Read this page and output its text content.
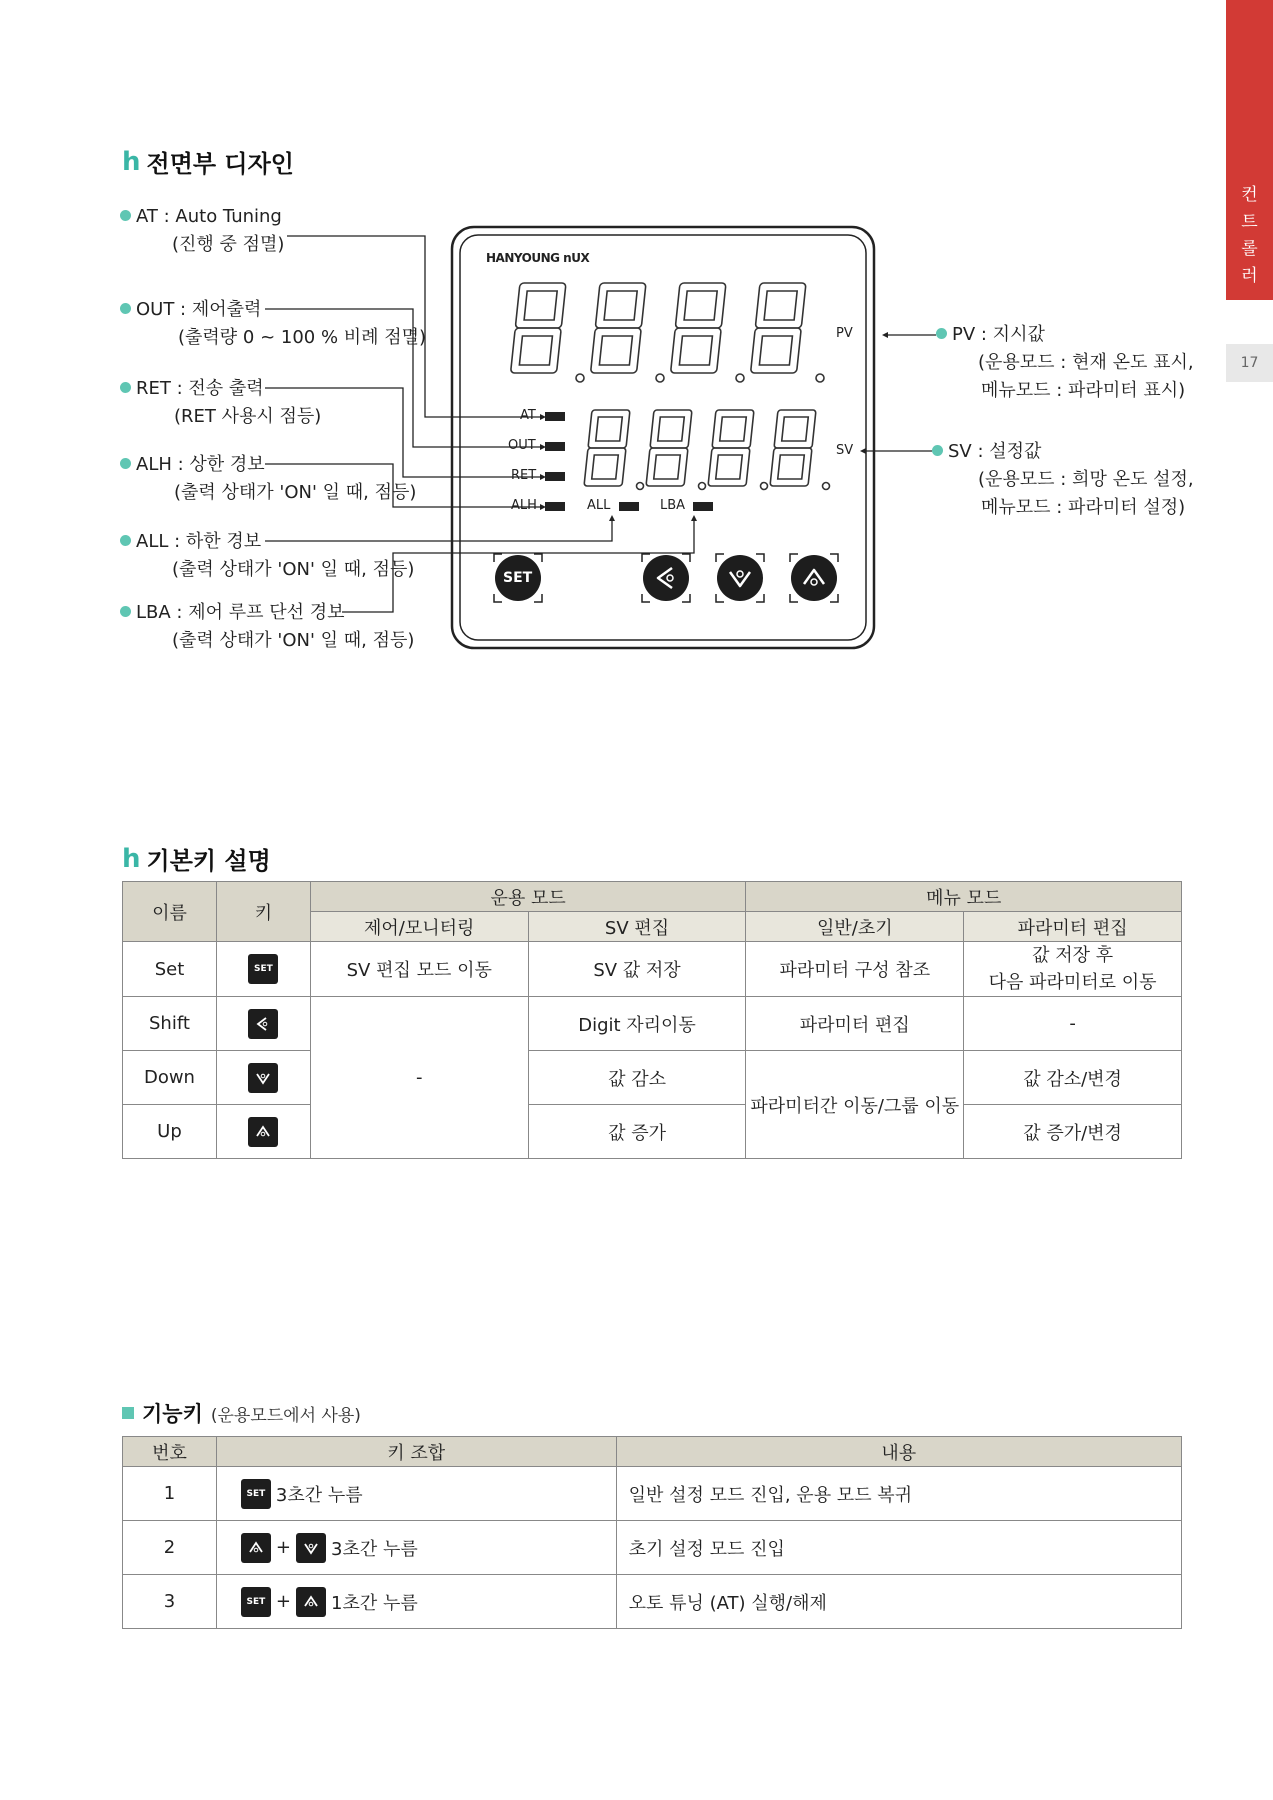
컨
트
롤
러
17
h 전면부 디자인
HANYOUNG nUX
PV
SV
AT
OUT
RET
ALH	ALL	LBA
SET
AT : Auto Tuning
(진행 중 점멸)
OUT : 제어출력
(출력량 0 ~ 100 % 비례 점멸)
RET : 전송 출력
(RET 사용시 점등)
ALH : 상한 경보
(출력 상태가 'ON' 일 때, 점등)
ALL : 하한 경보
(출력 상태가 'ON' 일 때, 점등)
LBA : 제어 루프 단선 경보
(출력 상태가 'ON' 일 때, 점등)
PV : 지시값
(운용모드 : 현재 온도 표시,
메뉴모드 : 파라미터 표시)
SV : 설정값
(운용모드 : 희망 온도 설정,
메뉴모드 : 파라미터 설정)
h 기본키 설명
이름	키	운용 모드		메뉴 모드	
		제어/모니터링	SV 편집	일반/초기	파라미터 편집
Set	SET	SV 편집 모드 이동	SV 값 저장	파라미터 구성 참조	값 저장 후
다음 파라미터로 이동

Shift		-	Digit 자리이동	파라미터 편집	-
Down			값 감소	파라미터간 이동/그룹 이동	값 감소/변경
Up			값 증가		값 증가/변경
기능키 (운용모드에서 사용)
번호	키 조합	내용
1	SET 3초간 누름	일반 설정 모드 진입, 운용 모드 복귀
2	+ 3초간 누름	초기 설정 모드 진입
3	SET + 1초간 누름	오토 튜닝 (AT) 실행/해제
